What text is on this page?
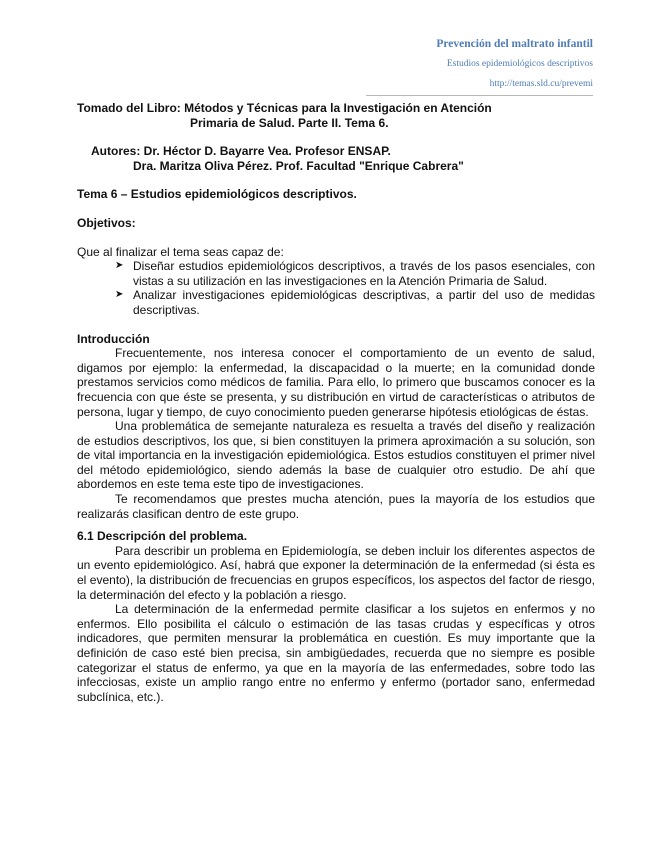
Prevención del maltrato infantil
Estudios epidemiológicos descriptivos
http://temas.sld.cu/prevemi

Tomado del Libro: Métodos y Técnicas para la Investigación en Atención

Primaria de Salud. Parte II. Tema 6.

Autores: Dr. Héctor D. Bayarre Vea. Profesor ENSAP.

Dra. Maritza Oliva Pérez. Prof. Facultad "Enrique Cabrera"

Tema 6 – Estudios epidemiológicos descriptivos.

Objetivos:

Que al finalizar el tema seas capaz de:

➤ Diseñar estudios epidemiológicos descriptivos, a través de los pasos esenciales, con vistas a su utilización en las investigaciones en la Atención Primaria de Salud.
➤ Analizar investigaciones epidemiológicas descriptivas, a partir del uso de medidas descriptivas.

Introducción

Frecuentemente, nos interesa conocer el comportamiento de un evento de salud, digamos por ejemplo: la enfermedad, la discapacidad o la muerte; en la comunidad donde prestamos servicios como médicos de familia. Para ello, lo primero que buscamos conocer es la frecuencia con que éste se presenta, y su distribución en virtud de características o atributos de persona, lugar y tiempo, de cuyo conocimiento pueden generarse hipótesis etiológicas de éstas.

Una problemática de semejante naturaleza es resuelta a través del diseño y realización de estudios descriptivos, los que, si bien constituyen la primera aproximación a su solución, son de vital importancia en la investigación epidemiológica. Estos estudios constituyen el primer nivel del método epidemiológico, siendo además la base de cualquier otro estudio. De ahí que abordemos en este tema este tipo de investigaciones.

Te recomendamos que prestes mucha atención, pues la mayoría de los estudios que realizarás clasifican dentro de este grupo.

6.1 Descripción del problema.

Para describir un problema en Epidemiología, se deben incluir los diferentes aspectos de un evento epidemiológico. Así, habrá que exponer la determinación de la enfermedad (si ésta es el evento), la distribución de frecuencias en grupos específicos, los aspectos del factor de riesgo, la determinación del efecto y la población a riesgo.

La determinación de la enfermedad permite clasificar a los sujetos en enfermos y no enfermos. Ello posibilita el cálculo o estimación de las tasas crudas y específicas y otros indicadores, que permiten mensurar la problemática en cuestión. Es muy importante que la definición de caso esté bien precisa, sin ambigüedades, recuerda que no siempre es posible categorizar el status de enfermo, ya que en la mayoría de las enfermedades, sobre todo las infecciosas, existe un amplio rango entre no enfermo y enfermo (portador sano, enfermedad subclínica, etc.).
